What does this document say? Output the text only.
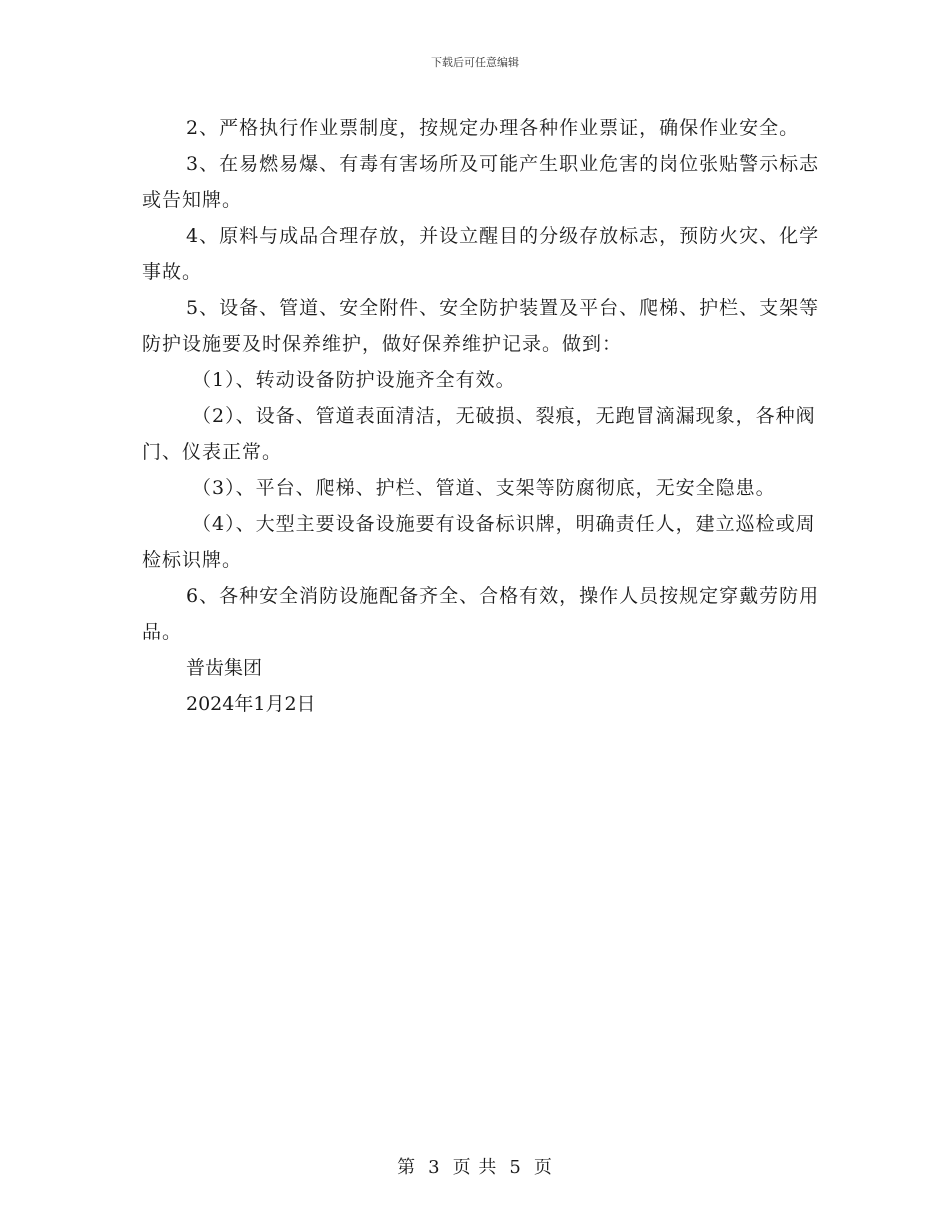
下载后可任意编辑

2、严格执行作业票制度，按规定办理各种作业票证，确保作业安全。

3、在易燃易爆、有毒有害场所及可能产生职业危害的岗位张贴警示标志或告知牌。

4、原料与成品合理存放，并设立醒目的分级存放标志，预防火灾、化学事故。

5、设备、管道、安全附件、安全防护装置及平台、爬梯、护栏、支架等防护设施要及时保养维护，做好保养维护记录。做到：

（1）、转动设备防护设施齐全有效。

（2）、设备、管道表面清洁，无破损、裂痕，无跑冒滴漏现象，各种阀门、仪表正常。

（3）、平台、爬梯、护栏、管道、支架等防腐彻底，无安全隐患。

（4）、大型主要设备设施要有设备标识牌，明确责任人，建立巡检或周检标识牌。

6、各种安全消防设施配备齐全、合格有效，操作人员按规定穿戴劳防用品。

普齿集团

2024年1月2日

第 3 页 共 5 页
